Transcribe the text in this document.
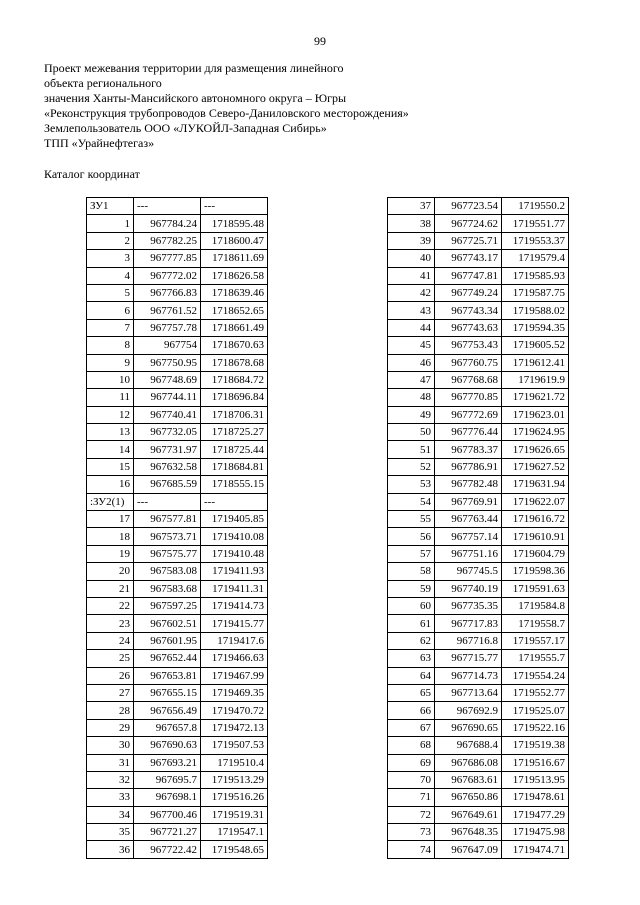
99
Проект межевания территории для размещения линейного
объекта регионального
значения Ханты-Мансийского автономного округа – Югры
«Реконструкция трубопроводов Северо-Даниловского месторождения»
Землепользователь ООО «ЛУКОЙЛ-Западная Сибирь»
ТПП «Урайнефтегаз»
Каталог координат
ЗУ1	---	---
1	967784.24	1718595.48
2	967782.25	1718600.47
3	967777.85	1718611.69
4	967772.02	1718626.58
5	967766.83	1718639.46
6	967761.52	1718652.65
7	967757.78	1718661.49
8	967754	1718670.63
9	967750.95	1718678.68
10	967748.69	1718684.72
11	967744.11	1718696.84
12	967740.41	1718706.31
13	967732.05	1718725.27
14	967731.97	1718725.44
15	967632.58	1718684.81
16	967685.59	1718555.15
:ЗУ2(1)	---	---
17	967577.81	1719405.85
18	967573.71	1719410.08
19	967575.77	1719410.48
20	967583.08	1719411.93
21	967583.68	1719411.31
22	967597.25	1719414.73
23	967602.51	1719415.77
24	967601.95	1719417.6
25	967652.44	1719466.63
26	967653.81	1719467.99
27	967655.15	1719469.35
28	967656.49	1719470.72
29	967657.8	1719472.13
30	967690.63	1719507.53
31	967693.21	1719510.4
32	967695.7	1719513.29
33	967698.1	1719516.26
34	967700.46	1719519.31
35	967721.27	1719547.1
36	967722.42	1719548.65
37	967723.54	1719550.2
38	967724.62	1719551.77
39	967725.71	1719553.37
40	967743.17	1719579.4
41	967747.81	1719585.93
42	967749.24	1719587.75
43	967743.34	1719588.02
44	967743.63	1719594.35
45	967753.43	1719605.52
46	967760.75	1719612.41
47	967768.68	1719619.9
48	967770.85	1719621.72
49	967772.69	1719623.01
50	967776.44	1719624.95
51	967783.37	1719626.65
52	967786.91	1719627.52
53	967782.48	1719631.94
54	967769.91	1719622.07
55	967763.44	1719616.72
56	967757.14	1719610.91
57	967751.16	1719604.79
58	967745.5	1719598.36
59	967740.19	1719591.63
60	967735.35	1719584.8
61	967717.83	1719558.7
62	967716.8	1719557.17
63	967715.77	1719555.7
64	967714.73	1719554.24
65	967713.64	1719552.77
66	967692.9	1719525.07
67	967690.65	1719522.16
68	967688.4	1719519.38
69	967686.08	1719516.67
70	967683.61	1719513.95
71	967650.86	1719478.61
72	967649.61	1719477.29
73	967648.35	1719475.98
74	967647.09	1719474.71
